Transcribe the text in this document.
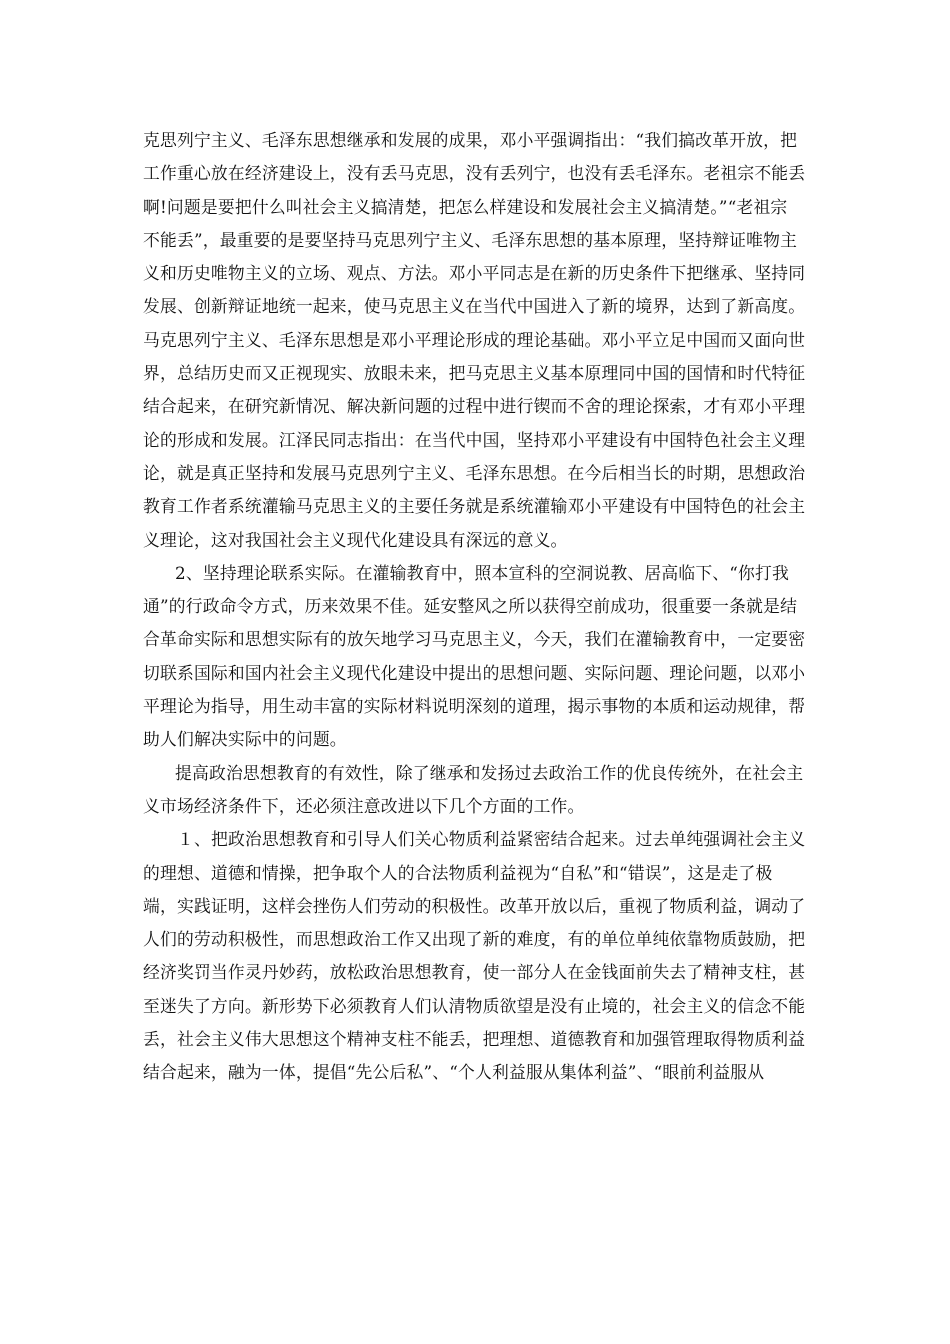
克思列宁主义、毛泽东思想继承和发展的成果，邓小平强调指出：“我们搞改革开放，把
工作重心放在经济建设上，没有丢马克思，没有丢列宁，也没有丢毛泽东。老祖宗不能丢
啊!问题是要把什么叫社会主义搞清楚，把怎么样建设和发展社会主义搞清楚。”“老祖宗
不能丢”，最重要的是要坚持马克思列宁主义、毛泽东思想的基本原理，坚持辩证唯物主
义和历史唯物主义的立场、观点、方法。邓小平同志是在新的历史条件下把继承、坚持同
发展、创新辩证地统一起来，使马克思主义在当代中国进入了新的境界，达到了新高度。
马克思列宁主义、毛泽东思想是邓小平理论形成的理论基础。邓小平立足中国而又面向世
界，总结历史而又正视现实、放眼未来，把马克思主义基本原理同中国的国情和时代特征
结合起来，在研究新情况、解决新问题的过程中进行锲而不舍的理论探索，才有邓小平理
论的形成和发展。江泽民同志指出：在当代中国，坚持邓小平建设有中国特色社会主义理
论，就是真正坚持和发展马克思列宁主义、毛泽东思想。在今后相当长的时期，思想政治
教育工作者系统灌输马克思主义的主要任务就是系统灌输邓小平建设有中国特色的社会主
义理论，这对我国社会主义现代化建设具有深远的意义。
2、坚持理论联系实际。在灌输教育中，照本宣科的空洞说教、居高临下、“你打我
通”的行政命令方式，历来效果不佳。延安整风之所以获得空前成功，很重要一条就是结
合革命实际和思想实际有的放矢地学习马克思主义，今天，我们在灌输教育中，一定要密
切联系国际和国内社会主义现代化建设中提出的思想问题、实际问题、理论问题，以邓小
平理论为指导，用生动丰富的实际材料说明深刻的道理，揭示事物的本质和运动规律，帮
助人们解决实际中的问题。
提高政治思想教育的有效性，除了继承和发扬过去政治工作的优良传统外，在社会主
义市场经济条件下，还必须注意改进以下几个方面的工作。
１、把政治思想教育和引导人们关心物质利益紧密结合起来。过去单纯强调社会主义
的理想、道德和情操，把争取个人的合法物质利益视为“自私”和“错误”，这是走了极
端，实践证明，这样会挫伤人们劳动的积极性。改革开放以后，重视了物质利益，调动了
人们的劳动积极性，而思想政治工作又出现了新的难度，有的单位单纯依靠物质鼓励，把
经济奖罚当作灵丹妙药，放松政治思想教育，使一部分人在金钱面前失去了精神支柱，甚
至迷失了方向。新形势下必须教育人们认清物质欲望是没有止境的，社会主义的信念不能
丢，社会主义伟大思想这个精神支柱不能丢，把理想、道德教育和加强管理取得物质利益
结合起来，融为一体，提倡“先公后私”、“个人利益服从集体利益”、“眼前利益服从
